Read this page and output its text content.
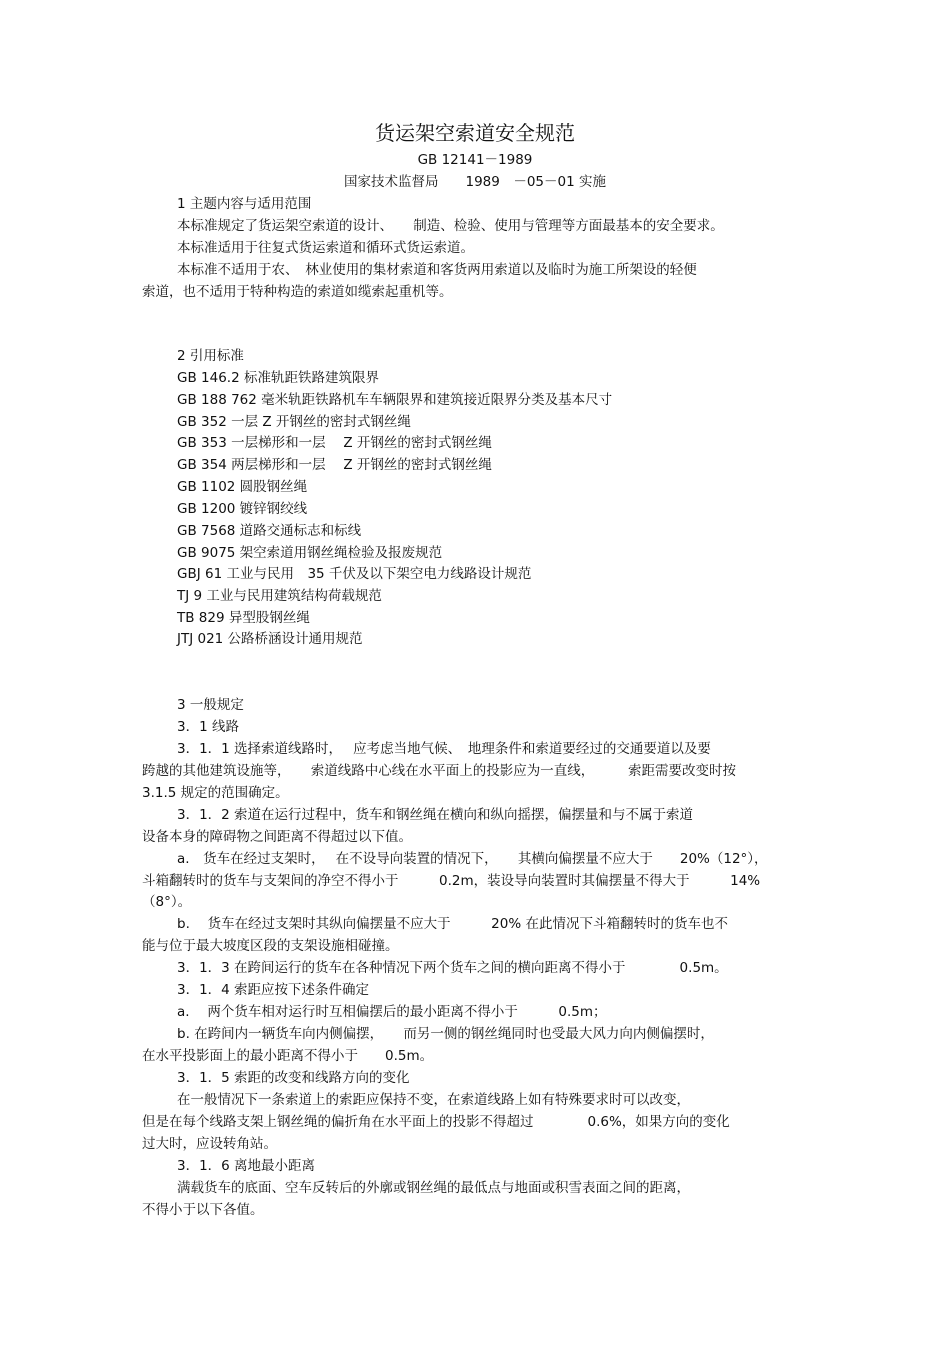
货运架空索道安全规范
GB 12141－1989
国家技术监督局　　1989　－05－01 实施
1 主题内容与适用范围
本标准规定了货运架空索道的设计、　　制造、检验、使用与管理等方面最基本的安全要求。
本标准适用于往复式货运索道和循环式货运索道。
本标准不适用于农、　林业使用的集材索道和客货两用索道以及临时为施工所架设的轻便
索道，也不适用于特种构造的索道如缆索起重机等。
2 引用标准
GB 146.2 标准轨距铁路建筑限界
GB 188 762 毫米轨距铁路机车车辆限界和建筑接近限界分类及基本尺寸
GB 352 一层 Z 开钢丝的密封式钢丝绳
GB 353 一层梯形和一层　 Z 开钢丝的密封式钢丝绳
GB 354 两层梯形和一层　 Z 开钢丝的密封式钢丝绳
GB 1102 圆股钢丝绳
GB 1200 镀锌钢绞线
GB 7568 道路交通标志和标线
GB 9075 架空索道用钢丝绳检验及报废规范
GBJ 61 工业与民用　35 千伏及以下架空电力线路设计规范
TJ 9 工业与民用建筑结构荷载规范
TB 829 异型股钢丝绳
JTJ 021 公路桥涵设计通用规范
3 一般规定
3．1 线路
3．1．1 选择索道线路时，　 应考虑当地气候、　地理条件和索道要经过的交通要道以及要
跨越的其他建筑设施等，　　索道线路中心线在水平面上的投影应为一直线，　　　索距需要改变时按
3.1.5 规定的范围确定。
3．1．2 索道在运行过程中，货车和钢丝绳在横向和纵向摇摆，偏摆量和与不属于索道
设备本身的障碍物之间距离不得超过以下值。
a.　货车在经过支架时，　 在不设导向装置的情况下，　　其横向偏摆量不应大于　　20%（12°），
斗箱翻转时的货车与支架间的净空不得小于　　　0.2m，装设导向装置时其偏摆量不得大于　　　14%
（8°）。
b.　 货车在经过支架时其纵向偏摆量不应大于　　　20% 在此情况下斗箱翻转时的货车也不
能与位于最大坡度区段的支架设施相碰撞。
3．1．3 在跨间运行的货车在各种情况下两个货车之间的横向距离不得小于　　　　0.5m。
3．1．4 索距应按下述条件确定
a.　 两个货车相对运行时互相偏摆后的最小距离不得小于　　　0.5m；
b. 在跨间内一辆货车向内侧偏摆，　　而另一侧的钢丝绳同时也受最大风力向内侧偏摆时，
在水平投影面上的最小距离不得小于　　0.5m。
3．1．5 索距的改变和线路方向的变化
在一般情况下一条索道上的索距应保持不变，在索道线路上如有特殊要求时可以改变，
但是在每个线路支架上钢丝绳的偏折角在水平面上的投影不得超过　　　　0.6%，如果方向的变化
过大时，应设转角站。
3．1．6 离地最小距离
满载货车的底面、空车反转后的外廓或钢丝绳的最低点与地面或积雪表面之间的距离，
不得小于以下各值。
